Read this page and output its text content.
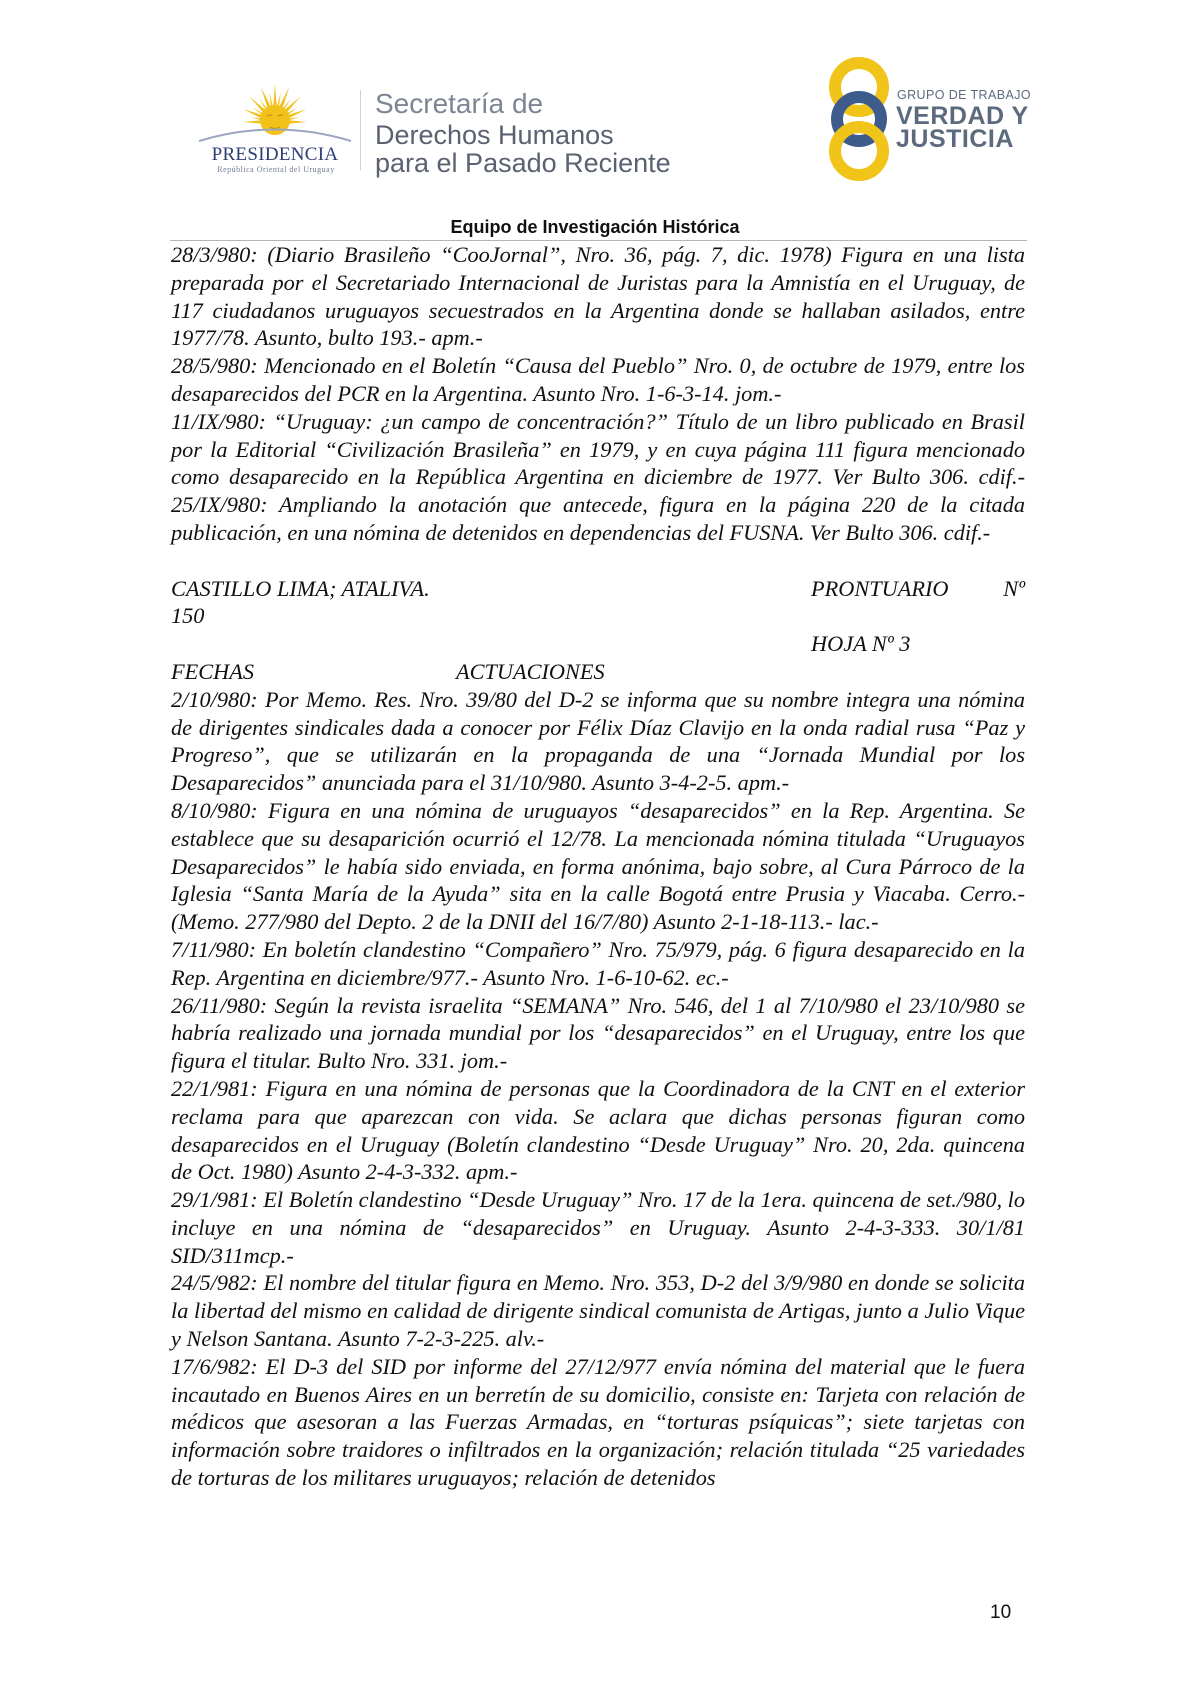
PRESIDENCIA
República Oriental del Uruguay
Secretaría de
Derechos Humanos
para el Pasado Reciente
GRUPO DE TRABAJO
VERDAD Y
JUSTICIA
Equipo de Investigación Histórica

28/3/980: (Diario Brasileño “CooJornal”, Nro. 36, pág. 7, dic. 1978) Figura en una lista preparada por el Secretariado Internacional de Juristas para la Amnistía en el Uruguay, de 117 ciudadanos uruguayos secuestrados en la Argentina donde se hallaban asilados, entre 1977/78. Asunto, bulto 193.- apm.-

28/5/980: Mencionado en el Boletín “Causa del Pueblo” Nro. 0, de octubre de 1979, entre los desaparecidos del PCR en la Argentina. Asunto Nro. 1-6-3-14. jom.-

11/IX/980: “Uruguay: ¿un campo de concentración?” Título de un libro publicado en Brasil por la Editorial “Civilización Brasileña” en 1979, y en cuya página 111 figura mencionado como desaparecido en la República Argentina en diciembre de 1977. Ver Bulto 306. cdif.- 25/IX/980: Ampliando la anotación que antecede, figura en la página 220 de la citada publicación, en una nómina de detenidos en dependencias del FUSNA. Ver Bulto 306. cdif.-

CASTILLO LIMA; ATALIVA.	PRONTUARIO Nº
150
HOJA Nº 3
FECHAS	ACTUACIONES

2/10/980: Por Memo. Res. Nro. 39/80 del D-2 se informa que su nombre integra una nómina de dirigentes sindicales dada a conocer por Félix Díaz Clavijo en la onda radial rusa “Paz y Progreso”, que se utilizarán en la propaganda de una “Jornada Mundial por los Desaparecidos” anunciada para el 31/10/980. Asunto 3-4-2-5. apm.-

8/10/980: Figura en una nómina de uruguayos “desaparecidos” en la Rep. Argentina. Se establece que su desaparición ocurrió el 12/78. La mencionada nómina titulada “Uruguayos Desaparecidos” le había sido enviada, en forma anónima, bajo sobre, al Cura Párroco de la Iglesia “Santa María de la Ayuda” sita en la calle Bogotá entre Prusia y Viacaba. Cerro.- (Memo. 277/980 del Depto. 2 de la DNII del 16/7/80) Asunto 2-1-18-113.- lac.-

7/11/980: En boletín clandestino “Compañero” Nro. 75/979, pág. 6 figura desaparecido en la Rep. Argentina en diciembre/977.- Asunto Nro. 1-6-10-62. ec.-

26/11/980: Según la revista israelita “SEMANA” Nro. 546, del 1 al 7/10/980 el 23/10/980 se habría realizado una jornada mundial por los “desaparecidos” en el Uruguay, entre los que figura el titular. Bulto Nro. 331. jom.-

22/1/981: Figura en una nómina de personas que la Coordinadora de la CNT en el exterior reclama para que aparezcan con vida. Se aclara que dichas personas figuran como desaparecidos en el Uruguay (Boletín clandestino “Desde Uruguay” Nro. 20, 2da. quincena de Oct. 1980) Asunto 2-4-3-332. apm.-

29/1/981: El Boletín clandestino “Desde Uruguay” Nro. 17 de la 1era. quincena de set./980, lo incluye en una nómina de “desaparecidos” en Uruguay. Asunto 2-4-3-333. 30/1/81 SID/311mcp.-

24/5/982: El nombre del titular figura en Memo. Nro. 353, D-2 del 3/9/980 en donde se solicita la libertad del mismo en calidad de dirigente sindical comunista de Artigas, junto a Julio Vique y Nelson Santana. Asunto 7-2-3-225. alv.-

17/6/982: El D-3 del SID por informe del 27/12/977 envía nómina del material que le fuera incautado en Buenos Aires en un berretín de su domicilio, consiste en: Tarjeta con relación de médicos que asesoran a las Fuerzas Armadas, en “torturas psíquicas”; siete tarjetas con información sobre traidores o infiltrados en la organización; relación titulada “25 variedades de torturas de los militares uruguayos; relación de detenidos

10
